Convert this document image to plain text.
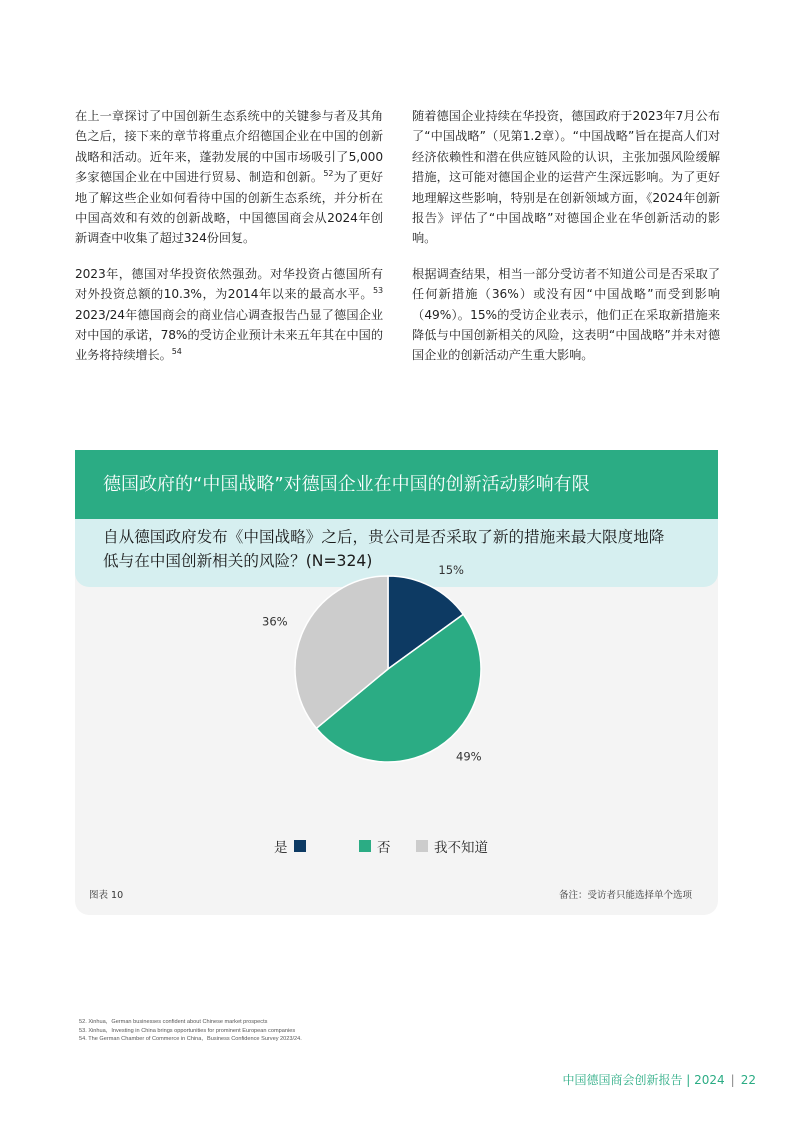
在上一章探讨了中国创新生态系统中的关键参与者及其角色之后，接下来的章节将重点介绍德国企业在中国的创新战略和活动。近年来，蓬勃发展的中国市场吸引了5,000多家德国企业在中国进行贸易、制造和创新。$^{52}$为了更好地了解这些企业如何看待中国的创新生态系统，并分析在中国高效和有效的创新战略，中国德国商会从2024年创新调查中收集了超过324份回复。

2023年，德国对华投资依然强劲。对华投资占德国所有对外投资总额的10.3%，为2014年以来的最高水平。$^{53}$ 2023/24年德国商会的商业信心调查报告凸显了德国企业对中国的承诺，78%的受访企业预计未来五年其在中国的业务将持续增长。$^{54}$

随着德国企业持续在华投资，德国政府于2023年7月公布了“中国战略”（见第1.2章）。“中国战略”旨在提高人们对经济依赖性和潜在供应链风险的认识，主张加强风险缓解措施，这可能对德国企业的运营产生深远影响。为了更好地理解这些影响，特别是在创新领域方面，《2024年创新报告》评估了“中国战略”对德国企业在华创新活动的影响。

根据调查结果，相当一部分受访者不知道公司是否采取了任何新措施（36%）或没有因“中国战略”而受到影响（49%）。15%的受访企业表示，他们正在采取新措施来降低与中国创新相关的风险，这表明“中国战略”并未对德国企业的创新活动产生重大影响。

德国政府的“中国战略”对德国企业在中国的创新活动影响有限
自从德国政府发布《中国战略》之后，贵公司是否采取了新的措施来最大限度地降
低与在中国创新相关的风险？(N=324)
15%
49%
36%
是	否	我不知道
图表 10	备注：受访者只能选择单个选项
52. Xinhua，German businesses confident about Chinese market prospects
53. Xinhua，Investing in China brings opportunities for prominent European companies
54. The German Chamber of Commerce in China，Business Confidence Survey 2023/24.
中国德国商会创新报告 | 2024 | 22
